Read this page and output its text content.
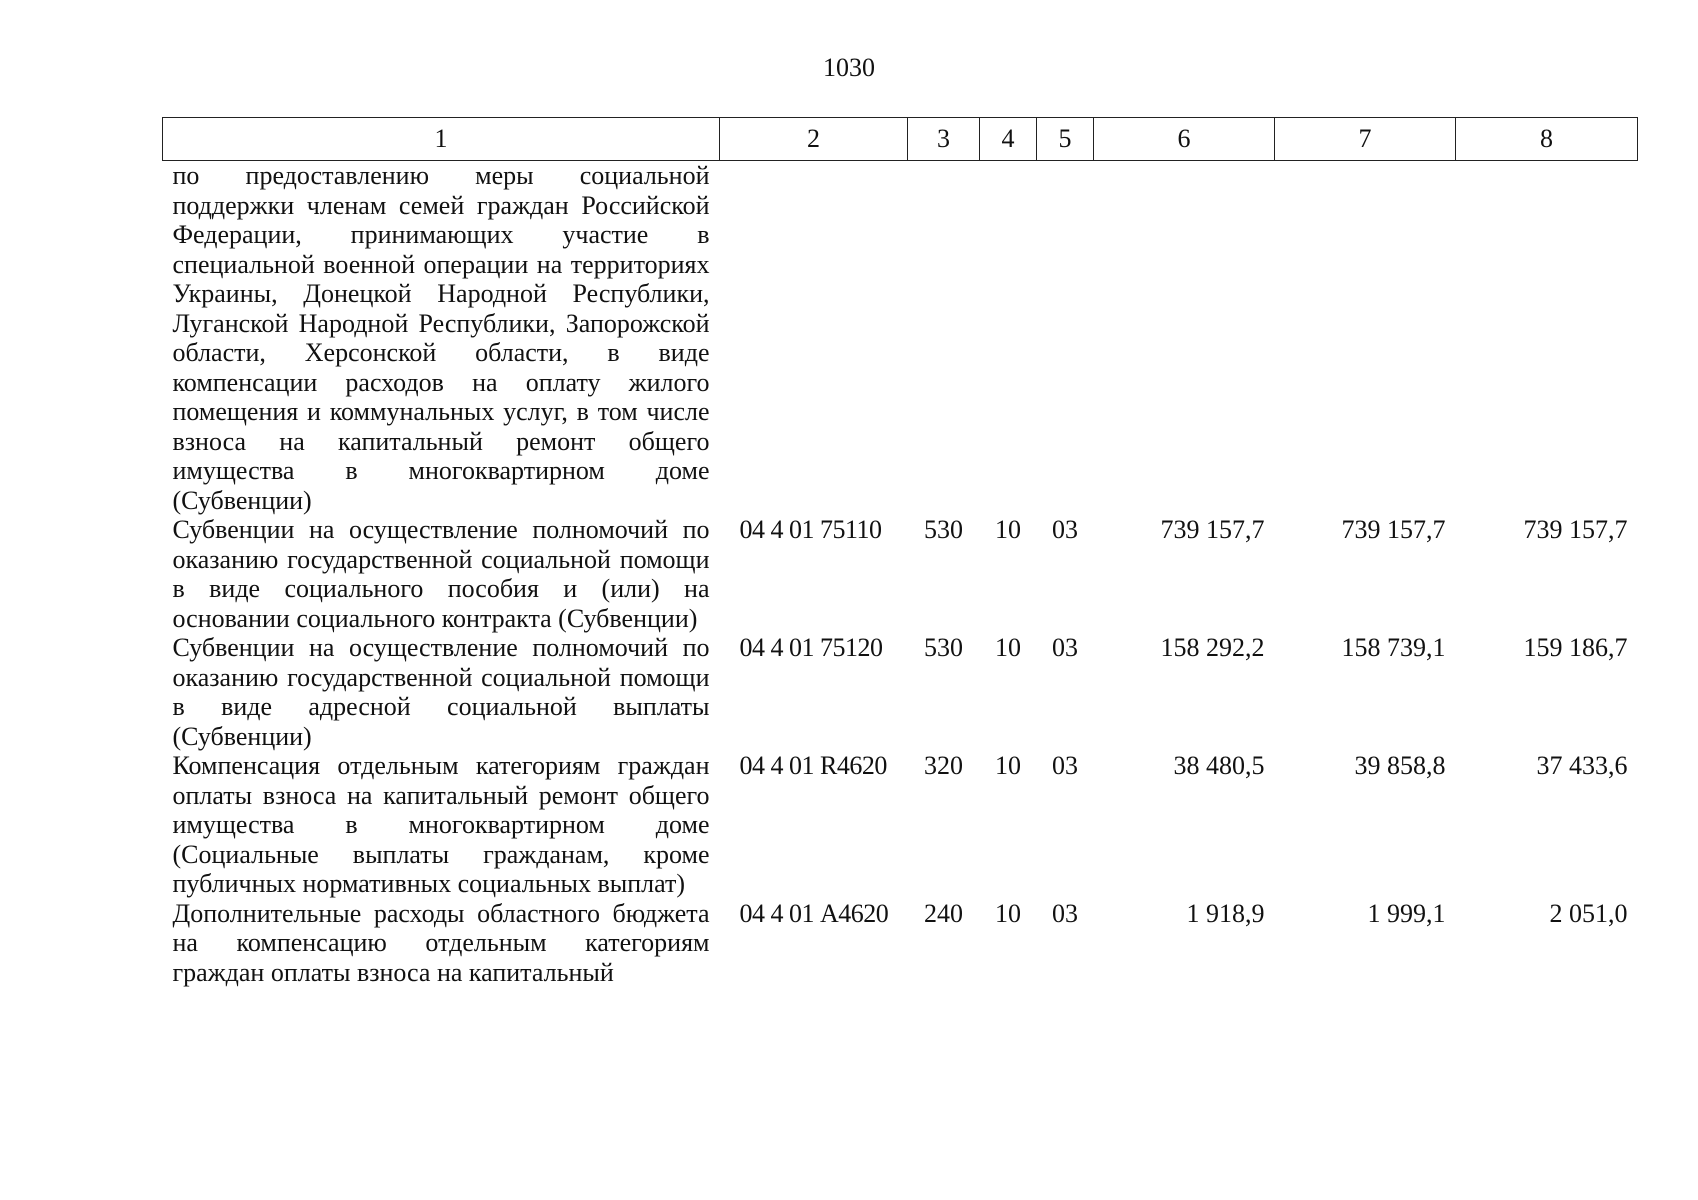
1030
1	2	3	4	5	6	7	8
по предоставлению меры социальной поддержки членам семей граждан Российской Федерации, принимающих участие в специальной военной операции на территориях Украины, Донецкой Народной Республики, Луганской Народной Республики, Запорожской области, Херсонской области, в виде компенсации расходов на оплату жилого помещения и коммунальных услуг, в том числе взноса на капитальный ремонт общего имущества в многоквартирном доме (Субвенции)							
Субвенции на осуществление полномочий по оказанию государственной социальной помощи в виде социального пособия и (или) на основании социального контракта (Субвенции)	04 4 01 75110	530	10	03	739 157,7	739 157,7	739 157,7
Субвенции на осуществление полномочий по оказанию государственной социальной помощи в виде адресной социальной выплаты (Субвенции)	04 4 01 75120	530	10	03	158 292,2	158 739,1	159 186,7
Компенсация отдельным категориям граждан оплаты взноса на капитальный ремонт общего имущества в многоквартирном доме (Социальные выплаты гражданам, кроме публичных нормативных социальных выплат)	04 4 01 R4620	320	10	03	38 480,5	39 858,8	37 433,6
Дополнительные расходы областного бюджета на компенсацию отдельным категориям граждан оплаты взноса на капитальный	04 4 01 А4620	240	10	03	1 918,9	1 999,1	2 051,0
